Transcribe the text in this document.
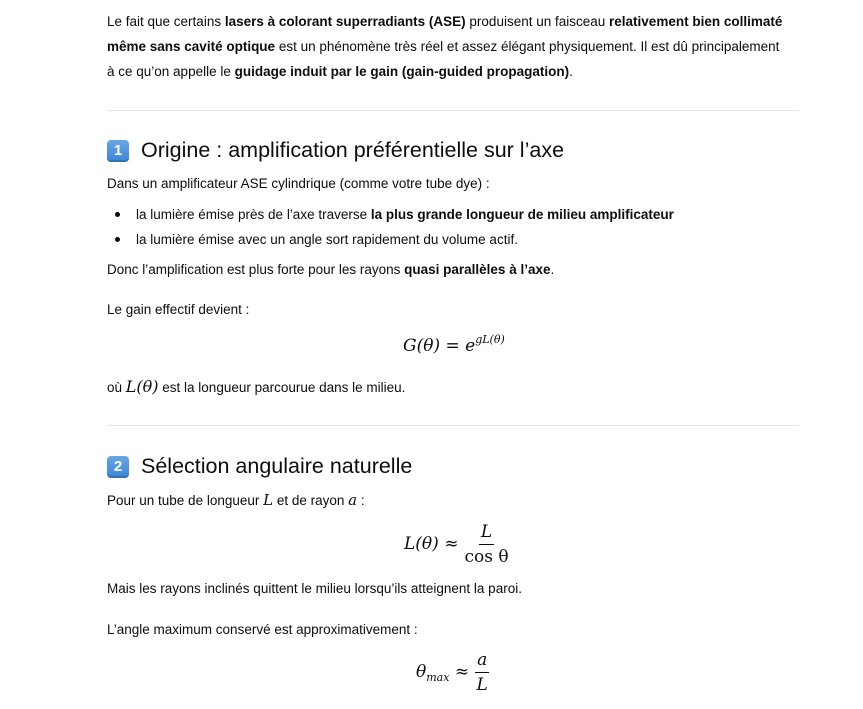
Le fait que certains lasers à colorant superradiants (ASE) produisent un faisceau relativement bien collimaté même sans cavité optique est un phénomène très réel et assez élégant physiquement. Il est dû principalement à ce qu’on appelle le guidage induit par le gain (gain-guided propagation).

1 Origine : amplification préférentielle sur l’axe
Dans un amplificateur ASE cylindrique (comme votre tube dye) :
la lumière émise près de l’axe traverse la plus grande longueur de milieu amplificateur
la lumière émise avec un angle sort rapidement du volume actif.
Donc l’amplification est plus forte pour les rayons quasi parallèles à l’axe.
Le gain effectif devient :
$G(\theta) = e^{gL(\theta)}$
où L(θ) est la longueur parcourue dans le milieu.
2 Sélection angulaire naturelle
Pour un tube de longueur L et de rayon a :
$L(\theta) \approx \frac{L}{\text{cos θ}}$
Mais les rayons inclinés quittent le milieu lorsqu’ils atteignent la paroi.
L’angle maximum conservé est approximativement :
$\theta_{max} \approx \frac{a}{L}$
